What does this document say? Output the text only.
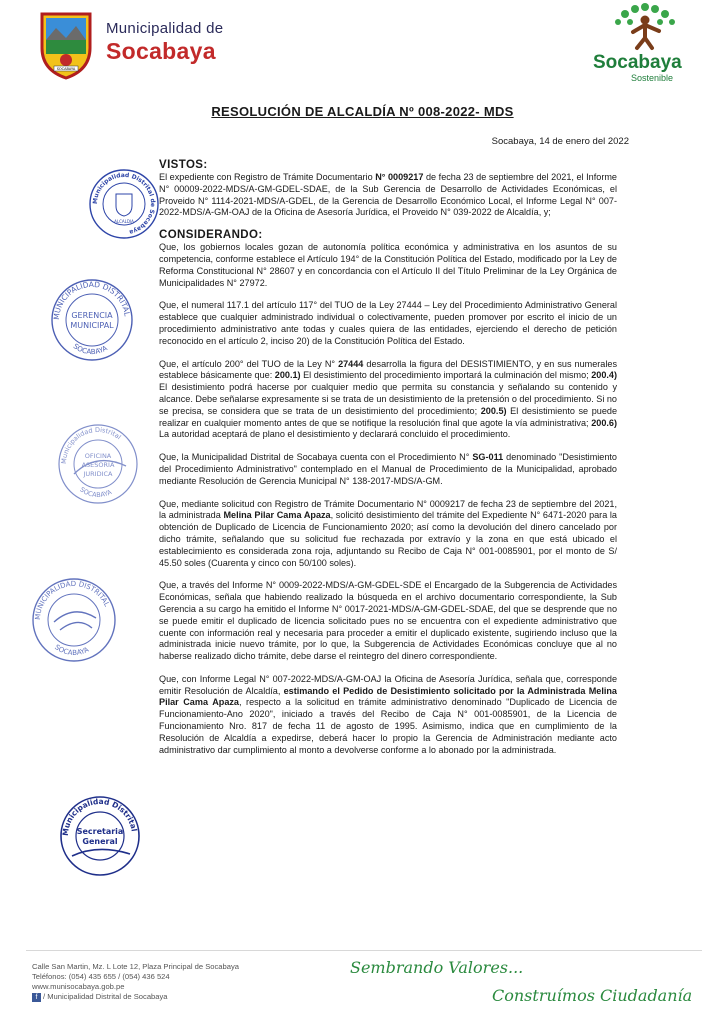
SOCABAYA
Municipalidad de
Socabaya	Socabaya
Sostenible
RESOLUCIÓN DE ALCALDÍA Nº 008-2022- MDS
Socabaya, 14 de enero del 2022
VISTOS:

El expediente con Registro de Trámite Documentario N° 0009217 de fecha 23 de septiembre del 2021, el Informe N° 00009-2022-MDS/A-GM-GDEL-SDAE, de la Sub Gerencia de Desarrollo de Actividades Económicas, el Proveido N° 1114-2021-MDS/A-GDEL, de la Gerencia de Desarrollo Económico Local, el Informe Legal N° 007-2022-MDS/A-GM-OAJ de la Oficina de Asesoría Jurídica, el Proveido N° 039-2022 de Alcaldía, y;

CONSIDERANDO:

Que, los gobiernos locales gozan de autonomía política económica y administrativa en los asuntos de su competencia, conforme establece el Artículo 194° de la Constitución Política del Estado, modificado por la Ley de Reforma Constitucional N° 28607 y en concordancia con el Artículo II del Título Preliminar de la Ley Orgánica de Municipalidades N° 27972.

Que, el numeral 117.1 del artículo 117° del TUO de la Ley 27444 – Ley del Procedimiento Administrativo General establece que cualquier administrado individual o colectivamente, pueden promover por escrito el inicio de un procedimiento administrativo ante todas y cuales quiera de las entidades, ejerciendo el derecho de petición reconocido en el artículo 2, inciso 20) de la Constitución Política del Estado.

Que, el artículo 200° del TUO de la Ley N° 27444 desarrolla la figura del DESISTIMIENTO, y en sus numerales establece básicamente que: 200.1) El desistimiento del procedimiento importará la culminación del mismo; 200.4) El desistimiento podrá hacerse por cualquier medio que permita su constancia y señalando su contenido y alcance. Debe señalarse expresamente si se trata de un desistimiento de la pretensión o del procedimiento. Si no se precisa, se considera que se trata de un desistimiento del procedimiento; 200.5) El desistimiento se puede realizar en cualquier momento antes de que se notifique la resolución final que agote la vía administrativa; 200.6) La autoridad aceptará de plano el desistimiento y declarará concluido el procedimiento.

Que, la Municipalidad Distrital de Socabaya cuenta con el Procedimiento N° SG-011 denominado "Desistimiento del Procedimiento Administrativo" contemplado en el Manual de Procedimiento de la Municipalidad, aprobado mediante Resolución de Gerencia Municipal N° 138-2017-MDS/A-GM.

Que, mediante solicitud con Registro de Trámite Documentario N° 0009217 de fecha 23 de septiembre del 2021, la administrada Melina Pilar Cama Apaza, solicitó desistimiento del trámite del Expediente N° 6471-2020 para la obtención de Duplicado de Licencia de Funcionamiento 2020; así como la devolución del dinero cancelado por dicho trámite, señalando que su solicitud fue rechazada por extravío y la zona en que está ubicado el establecimiento es considerada zona roja, adjuntando su Recibo de Caja N° 001-0085901, por el monto de S/ 45.50 soles (Cuarenta y cinco con 50/100 soles).

Que, a través del Informe N° 0009-2022-MDS/A-GM-GDEL-SDE el Encargado de la Subgerencia de Actividades Económicas, señala que habiendo realizado la búsqueda en el archivo documentario correspondiente, la Sub Gerencia a su cargo ha emitido el Informe N° 0017-2021-MDS/A-GM-GDEL-SDAE, del que se desprende que no se puede emitir el duplicado de licencia solicitado pues no se encuentra con el expediente administrativo que cuente con información real y necesaria para proceder a emitir el duplicado existente, sugiriendo incluso que la administrada inicie nuevo trámite, por lo que, la Subgerencia de Actividades Económicas concluye que al no haberse realizado dicho trámite, debe darse el reintegro del dinero correspondiente.

Que, con Informe Legal N° 007-2022-MDS/A-GM-OAJ la Oficina de Asesoría Jurídica, señala que, corresponde emitir Resolución de Alcaldía, estimando el Pedido de Desistimiento solicitado por la Administrada Melina Pilar Cama Apaza, respecto a la solicitud en trámite administrativo denominado "Duplicado de Licencia de Funcionamiento-Ano 2020", iniciado a través del Recibo de Caja N° 001-0085901, de la Licencia de Funcionamiento Nro. 817 de fecha 11 de agosto de 1995. Asimismo, indica que en cumplimiento de la Resolución de Alcaldía a expedirse, deberá hacer lo propio la Gerencia de Administración mediante acto administrativo dar cumplimiento al monto a devolverse conforme a lo abonado por la administrada.

Municipalidad Distrital de Socabaya
ALCALDIA
MUNICIPALIDAD DISTRITAL
SOCABAYA
GERENCIA
MUNICIPAL
Municipalidad Distrital
SOCABAYA
OFICINA
ASESORIA
JURIDICA
MUNICIPALIDAD DISTRITAL
SOCABAYA
Municipalidad Distrital
Secretaria
General
Calle San Martin, Mz. L Lote 12, Plaza Principal de Socabaya
Teléfonos: (054) 435 655 / (054) 436 524
www.munisocabaya.gob.pe
f / Municipalidad Distrital de Socabaya
Sembrando Valores...
Construímos Ciudadanía
